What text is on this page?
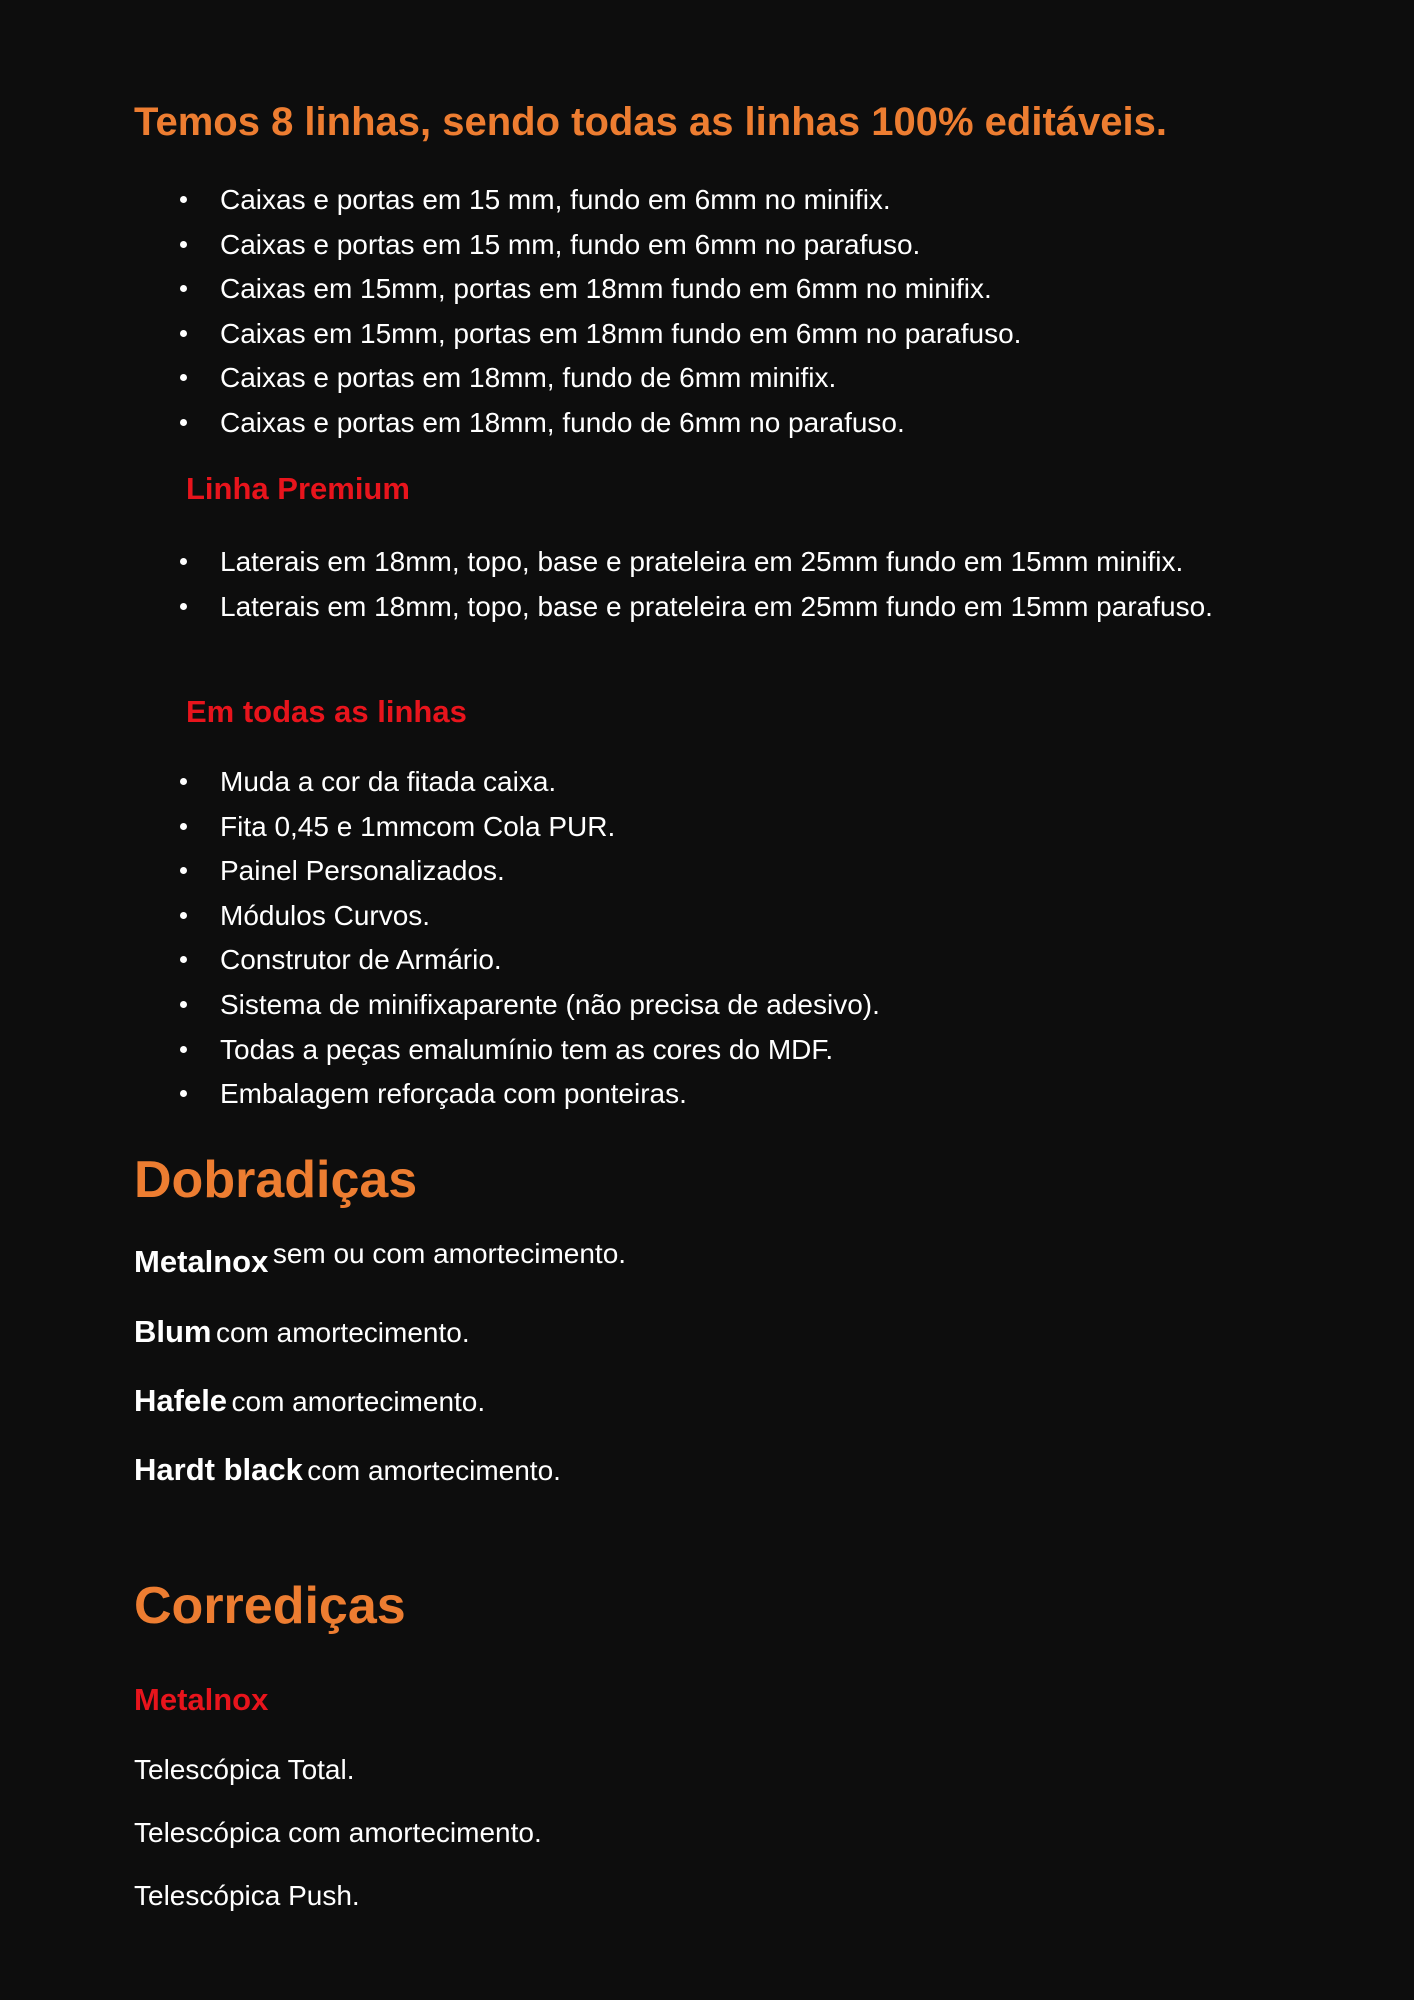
Temos 8 linhas, sendo todas as linhas 100% editáveis.
Caixas e portas em 15 mm, fundo em 6mm no minifix.
Caixas e portas em 15 mm, fundo em 6mm no parafuso.
Caixas em 15mm, portas em 18mm fundo em 6mm no minifix.
Caixas em 15mm, portas em 18mm fundo em 6mm no parafuso.
Caixas e portas em 18mm, fundo de 6mm minifix.
Caixas e portas em 18mm, fundo de 6mm no parafuso.
Linha Premium
Laterais em 18mm, topo, base e prateleira em 25mm fundo em 15mm minifix.
Laterais em 18mm, topo, base e prateleira em 25mm fundo em 15mm parafuso.
Em todas as linhas
Muda a cor da fitada caixa.
Fita 0,45 e 1mmcom Cola PUR.
Painel Personalizados.
Módulos Curvos.
Construtor de Armário.
Sistema de minifixaparente (não precisa de adesivo).
Todas a peças emalumínio tem as cores do MDF.
Embalagem reforçada com ponteiras.
Dobradiças
Metalnox sem ou com amortecimento.
Blum com amortecimento.
Hafele com amortecimento.
Hardt black com amortecimento.
Corrediças
Metalnox
Telescópica Total.
Telescópica com amortecimento.
Telescópica Push.
